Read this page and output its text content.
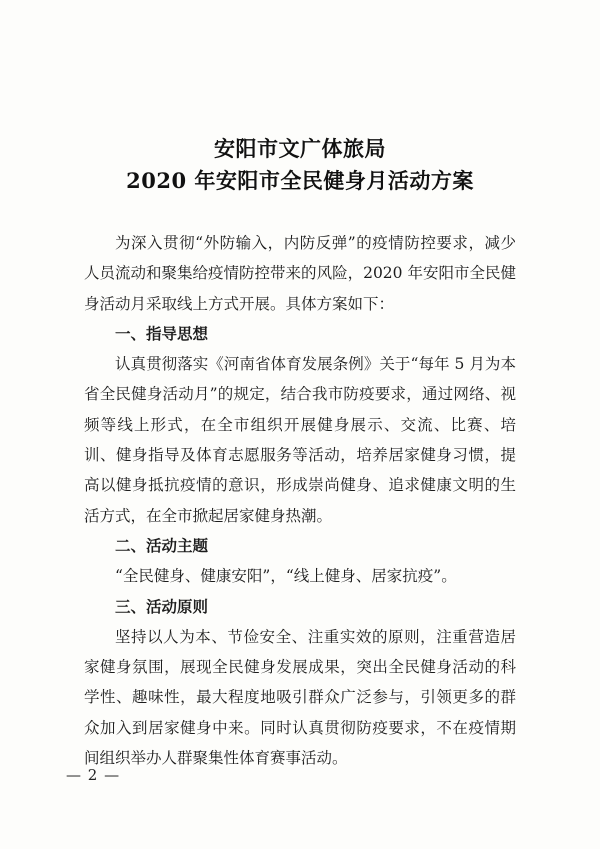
安阳市文广体旅局
2020 年安阳市全民健身月活动方案

为深入贯彻“外防输入，内防反弹”的疫情防控要求，减少人员流动和聚集给疫情防控带来的风险，2020 年安阳市全民健身活动月采取线上方式开展。具体方案如下：

一、指导思想

认真贯彻落实《河南省体育发展条例》关于“每年 5 月为本省全民健身活动月”的规定，结合我市防疫要求，通过网络、视频等线上形式，在全市组织开展健身展示、交流、比赛、培训、健身指导及体育志愿服务等活动，培养居家健身习惯，提高以健身抵抗疫情的意识，形成崇尚健身、追求健康文明的生活方式，在全市掀起居家健身热潮。

二、活动主题

“全民健身、健康安阳”，“线上健身、居家抗疫”。

三、活动原则

坚持以人为本、节俭安全、注重实效的原则，注重营造居家健身氛围，展现全民健身发展成果，突出全民健身活动的科学性、趣味性，最大程度地吸引群众广泛参与，引领更多的群众加入到居家健身中来。同时认真贯彻防疫要求，不在疫情期间组织举办人群聚集性体育赛事活动。

— 2 —
